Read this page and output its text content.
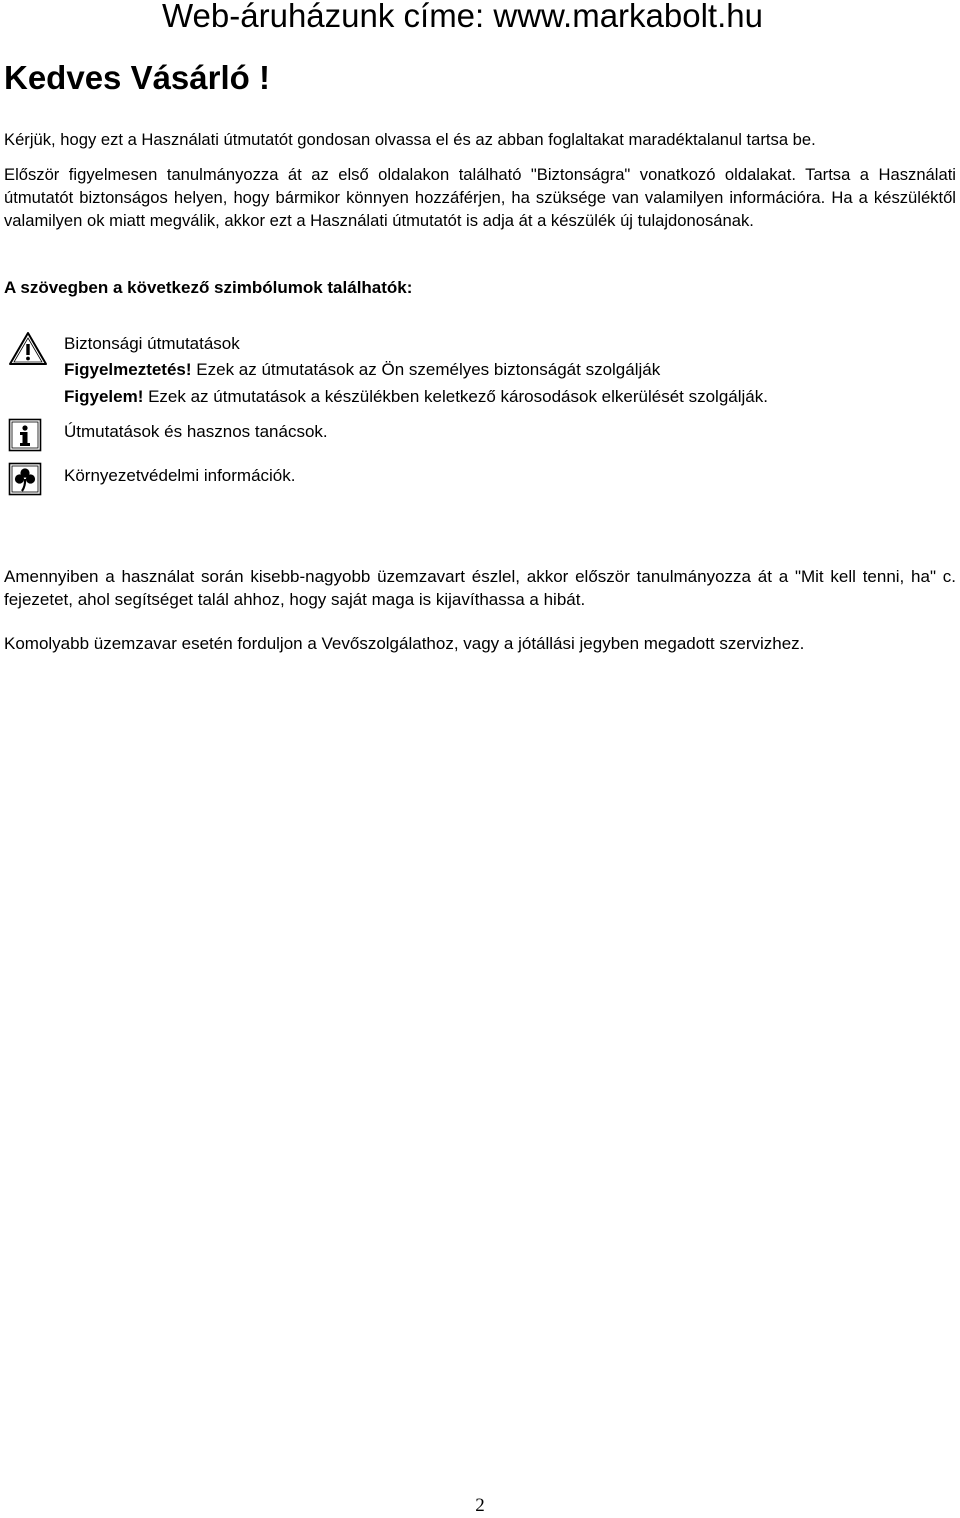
Web-áruházunk címe: www.markabolt.hu
Kedves Vásárló !

Kérjük, hogy ezt a Használati útmutatót gondosan olvassa el és az abban foglaltakat maradéktalanul tartsa be.

Először figyelmesen tanulmányozza át az első oldalakon található "Biztonságra" vonatkozó oldalakat. Tartsa a Használati útmutatót biztonságos helyen, hogy bármikor könnyen hozzáférjen, ha szüksége van valamilyen információra. Ha a készüléktől valamilyen ok miatt megválik, akkor ezt a Használati útmutatót is adja át a készülék új tulajdonosának.

A szövegben a következő szimbólumok találhatók:
Biztonsági útmutatások
Figyelmeztetés! Ezek az útmutatások az Ön személyes biztonságát szolgálják
Figyelem! Ezek az útmutatások a készülékben keletkező károsodások elkerülését szolgálják.
Útmutatások és hasznos tanácsok.
Környezetvédelmi információk.

Amennyiben a használat során kisebb-nagyobb üzemzavart észlel, akkor először tanulmányozza át a "Mit kell tenni, ha" c. fejezetet, ahol segítséget talál ahhoz, hogy saját maga is kijavíthassa a hibát.

Komolyabb üzemzavar esetén forduljon a Vevőszolgálathoz, vagy a jótállási jegyben megadott szervizhez.

2
